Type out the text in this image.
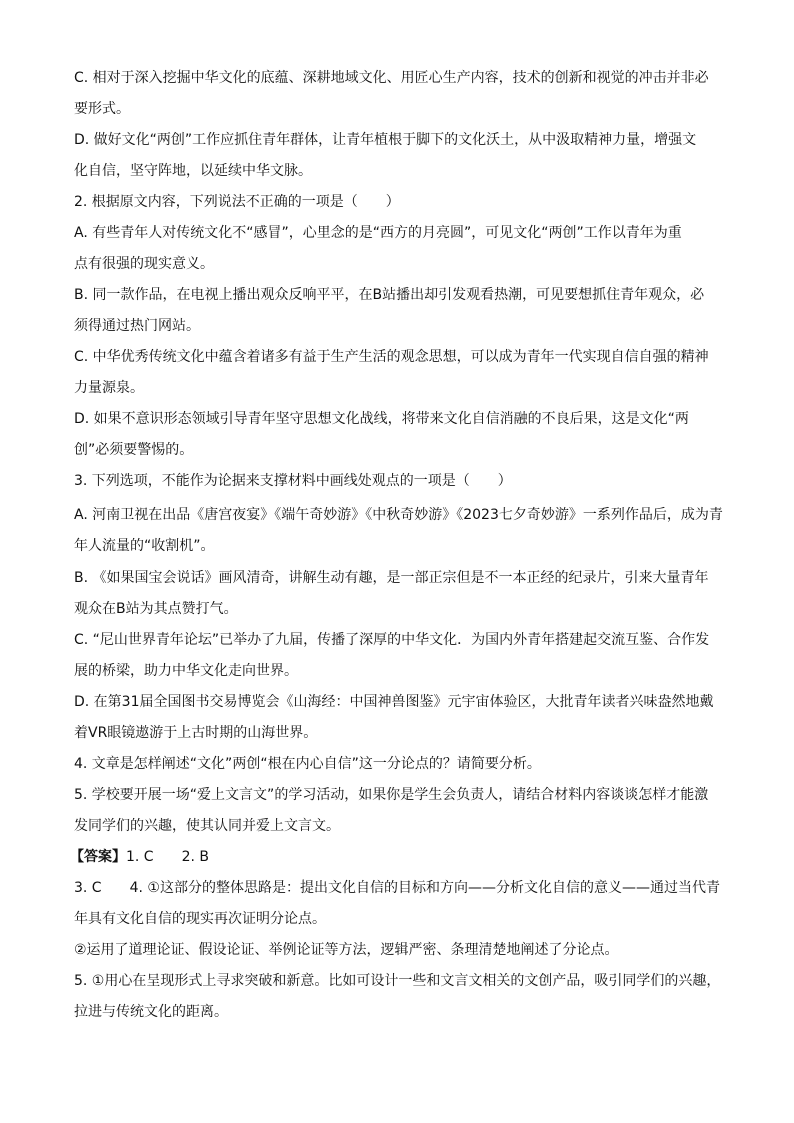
C. 相对于深入挖掘中华文化的底蕴、深耕地域文化、用匠心生产内容，技术的创新和视觉的冲击并非必
要形式。
D. 做好文化“两创”工作应抓住青年群体，让青年植根于脚下的文化沃土，从中汲取精神力量，增强文
化自信，坚守阵地，以延续中华文脉。
2. 根据原文内容，下列说法不正确的一项是（　　）
A. 有些青年人对传统文化不“感冒”，心里念的是“西方的月亮圆”，可见文化“两创”工作以青年为重
点有很强的现实意义。
B. 同一款作品，在电视上播出观众反响平平，在B站播出却引发观看热潮，可见要想抓住青年观众，必
须得通过热门网站。
C. 中华优秀传统文化中蕴含着诸多有益于生产生活的观念思想，可以成为青年一代实现自信自强的精神
力量源泉。
D. 如果不意识形态领域引导青年坚守思想文化战线，将带来文化自信消融的不良后果，这是文化“两
创”必须要警惕的。
3. 下列选项，不能作为论据来支撑材料中画线处观点的一项是（　　）
A. 河南卫视在出品《唐宫夜宴》《端午奇妙游》《中秋奇妙游》《2023七夕奇妙游》一系列作品后，成为青
年人流量的“收割机”。
B. 《如果国宝会说话》画风清奇，讲解生动有趣，是一部正宗但是不一本正经的纪录片，引来大量青年
观众在B站为其点赞打气。
C. “尼山世界青年论坛”已举办了九届，传播了深厚的中华文化．为国内外青年搭建起交流互鉴、合作发
展的桥梁，助力中华文化走向世界。
D. 在第31届全国图书交易博览会《山海经：中国神兽图鉴》元宇宙体验区，大批青年读者兴味盎然地戴
着VR眼镜遨游于上古时期的山海世界。
4. 文章是怎样阐述“文化”两创“根在内心自信”这一分论点的？请简要分析。
5. 学校要开展一场“爱上文言文”的学习活动，如果你是学生会负责人，请结合材料内容谈谈怎样才能激
发同学们的兴趣，使其认同并爱上文言文。
【答案】1. C　　2. B
3. C　　4. ①这部分的整体思路是：提出文化自信的目标和方向——分析文化自信的意义——通过当代青
年具有文化自信的现实再次证明分论点。
②运用了道理论证、假设论证、举例论证等方法，逻辑严密、条理清楚地阐述了分论点。
5. ①用心在呈现形式上寻求突破和新意。比如可设计一些和文言文相关的文创产品，吸引同学们的兴趣，
拉进与传统文化的距离。
